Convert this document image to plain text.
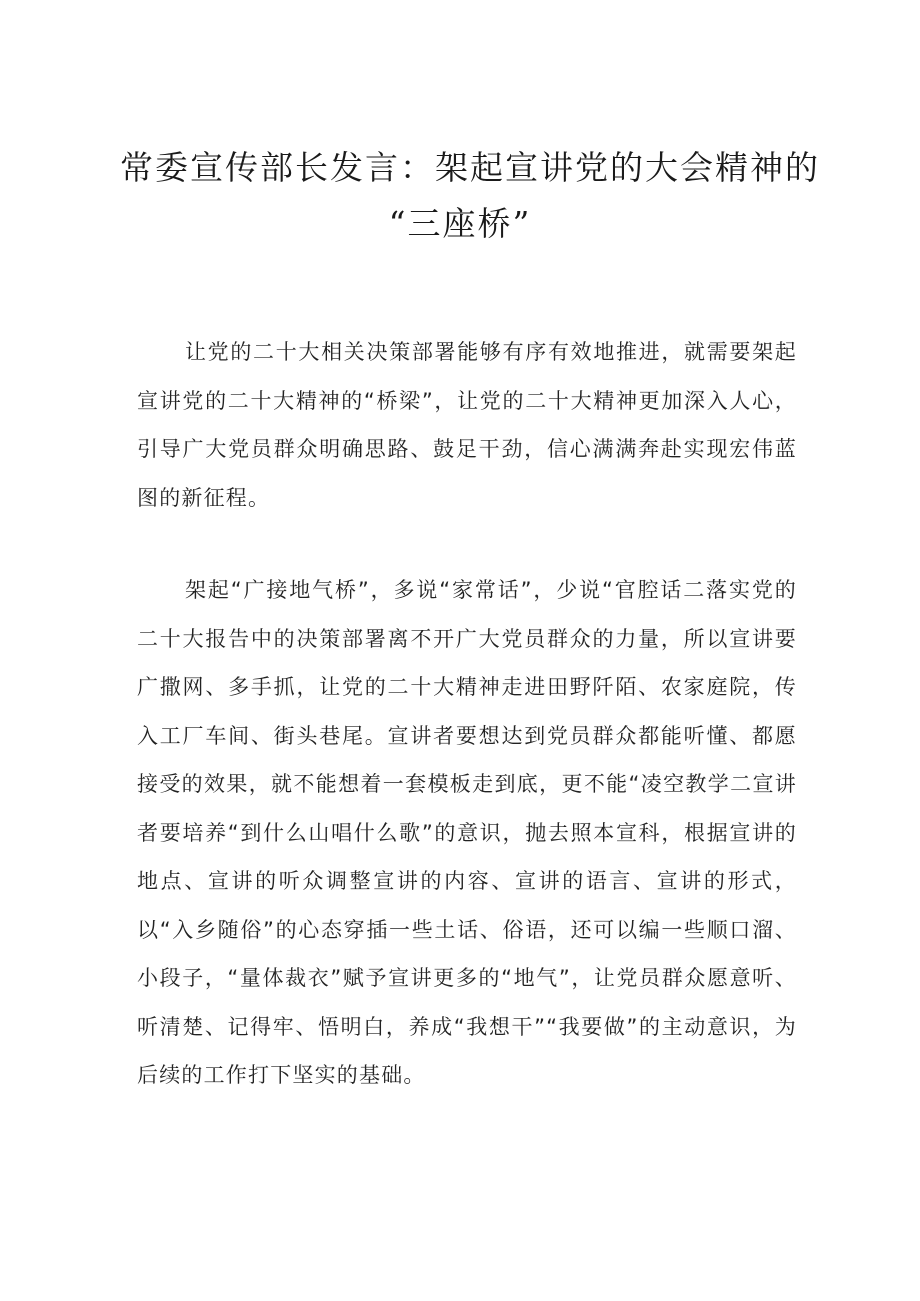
常委宣传部长发言：架起宣讲党的大会精神的
“三座桥”

让党的二十大相关决策部署能够有序有效地推进，就需要架起宣讲党的二十大精神的“桥梁”，让党的二十大精神更加深入人心，引导广大党员群众明确思路、鼓足干劲，信心满满奔赴实现宏伟蓝图的新征程。

架起“广接地气桥”，多说“家常话”，少说“官腔话二落实党的二十大报告中的决策部署离不开广大党员群众的力量，所以宣讲要广撒网、多手抓，让党的二十大精神走进田野阡陌、农家庭院，传入工厂车间、街头巷尾。宣讲者要想达到党员群众都能听懂、都愿接受的效果，就不能想着一套模板走到底，更不能“凌空教学二宣讲者要培养“到什么山唱什么歌”的意识，抛去照本宣科，根据宣讲的地点、宣讲的听众调整宣讲的内容、宣讲的语言、宣讲的形式，以“入乡随俗”的心态穿插一些土话、俗语，还可以编一些顺口溜、小段子，“量体裁衣”赋予宣讲更多的“地气”，让党员群众愿意听、听清楚、记得牢、悟明白，养成“我想干”“我要做”的主动意识，为后续的工作打下坚实的基础。
